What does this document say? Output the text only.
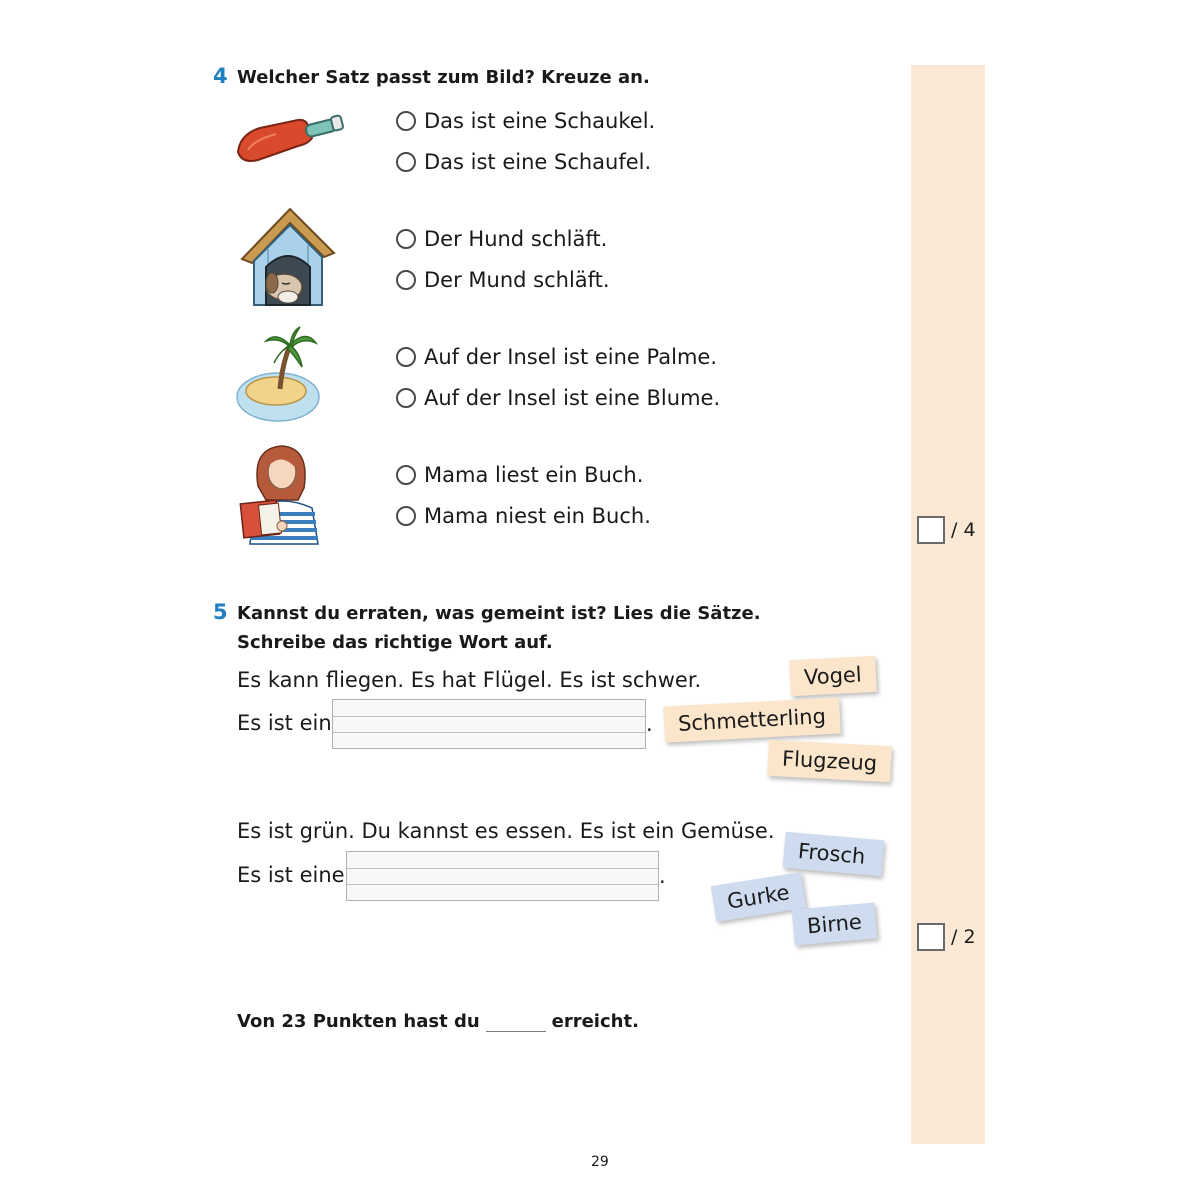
4 Welcher Satz passt zum Bild? Kreuze an.
Das ist eine Schaukel.
Das ist eine Schaufel.
Der Hund schläft.
Der Mund schläft.
Auf der Insel ist eine Palme.
Auf der Insel ist eine Blume.
Mama liest ein Buch.
Mama niest ein Buch.
/ 4
5 Kannst du erraten, was gemeint ist? Lies die Sätze.
Schreibe das richtige Wort auf.
Es kann fliegen. Es hat Flügel. Es ist schwer.
Es ist ein	.
Vogel
Schmetterling
Flugzeug
Es ist grün. Du kannst es essen. Es ist ein Gemüse.
Es ist eine	.
Frosch
Gurke
Birne	/ 2
Von 23 Punkten hast du	erreicht.
29
